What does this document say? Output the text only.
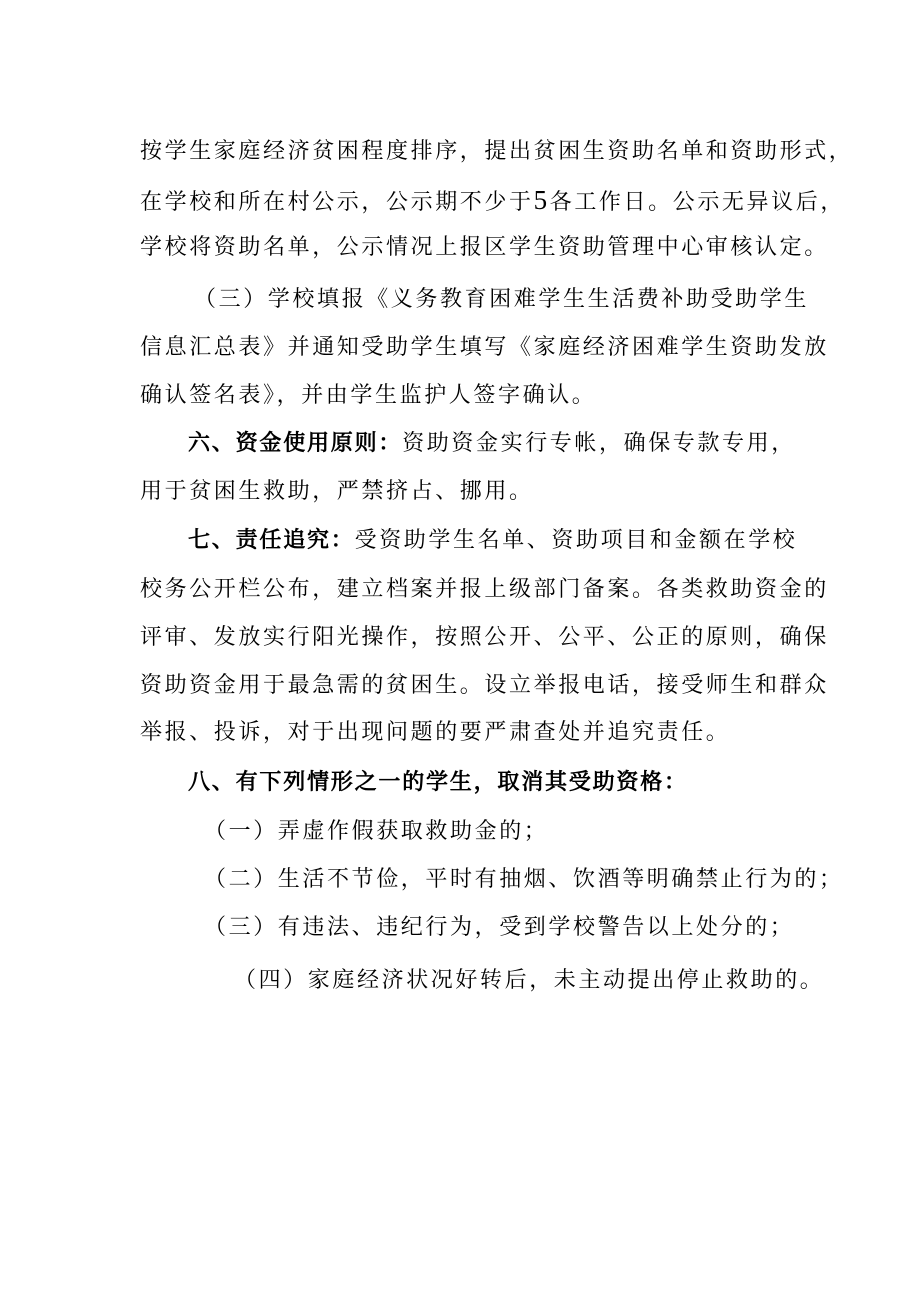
按学生家庭经济贫困程度排序，提出贫困生资助名单和资助形式，
在学校和所在村公示，公示期不少于5各工作日。公示无异议后，
学校将资助名单，公示情况上报区学生资助管理中心审核认定。
（三）学校填报《义务教育困难学生生活费补助受助学生
信息汇总表》并通知受助学生填写《家庭经济困难学生资助发放
确认签名表》，并由学生监护人签字确认。
六、资金使用原则：资助资金实行专帐，确保专款专用，
用于贫困生救助，严禁挤占、挪用。
七、责任追究：受资助学生名单、资助项目和金额在学校
校务公开栏公布，建立档案并报上级部门备案。各类救助资金的
评审、发放实行阳光操作，按照公开、公平、公正的原则，确保
资助资金用于最急需的贫困生。设立举报电话，接受师生和群众
举报、投诉，对于出现问题的要严肃查处并追究责任。
八、有下列情形之一的学生，取消其受助资格：
（一）弄虚作假获取救助金的；
（二）生活不节俭，平时有抽烟、饮酒等明确禁止行为的；
（三）有违法、违纪行为，受到学校警告以上处分的；
（四）家庭经济状况好转后，未主动提出停止救助的。
